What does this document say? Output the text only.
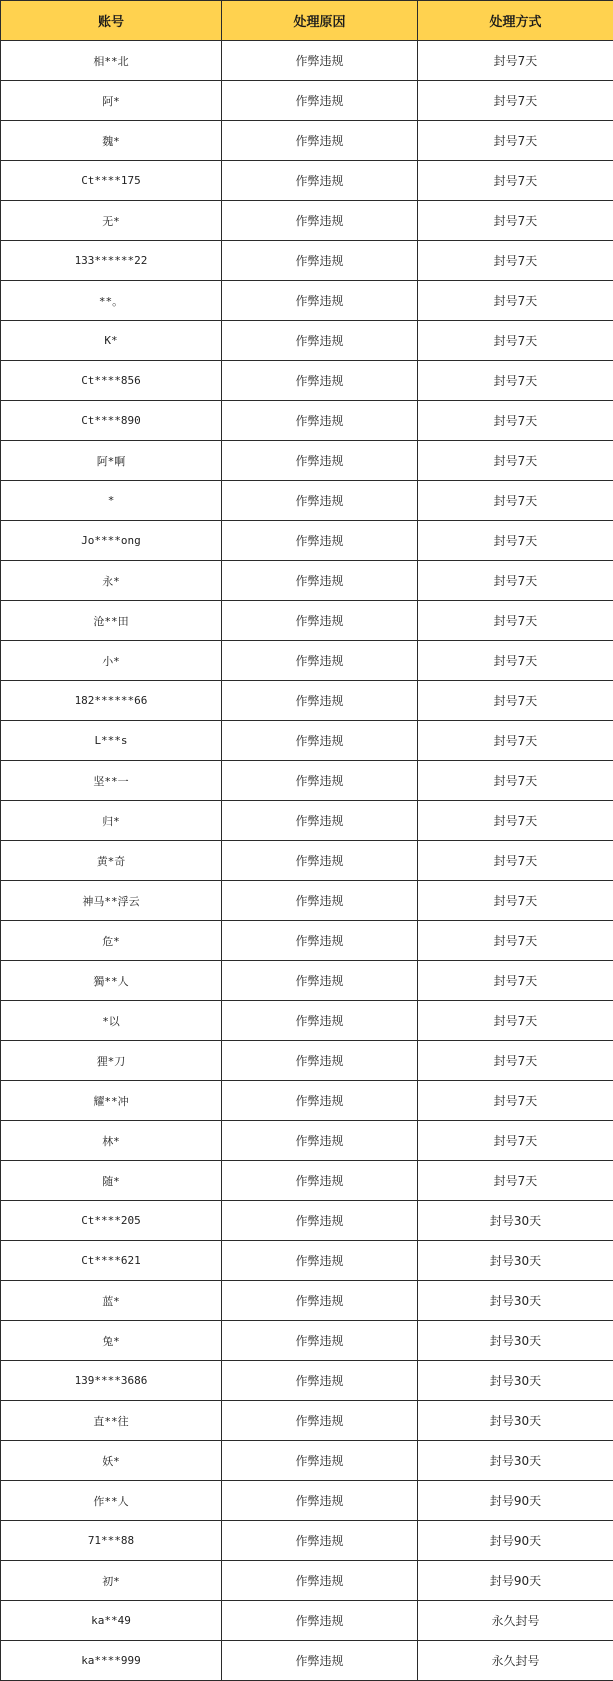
账号	处理原因	处理方式
相**北	作弊违规	封号7天
阿*	作弊违规	封号7天
魏*	作弊违规	封号7天
Ct****175	作弊违规	封号7天
无*	作弊违规	封号7天
133******22	作弊违规	封号7天
**。	作弊违规	封号7天
K*	作弊违规	封号7天
Ct****856	作弊违规	封号7天
Ct****890	作弊违规	封号7天
阿*啊	作弊违规	封号7天
*	作弊违规	封号7天
Jo****ong	作弊违规	封号7天
永*	作弊违规	封号7天
沧**田	作弊违规	封号7天
小*	作弊违规	封号7天
182******66	作弊违规	封号7天
L***s	作弊违规	封号7天
坚**一	作弊违规	封号7天
归*	作弊违规	封号7天
黄*奇	作弊违规	封号7天
神马**浮云	作弊违规	封号7天
危*	作弊违规	封号7天
獨**人	作弊违规	封号7天
*以	作弊违规	封号7天
狸*刀	作弊违规	封号7天
耀**冲	作弊违规	封号7天
林*	作弊违规	封号7天
随*	作弊违规	封号7天
Ct****205	作弊违规	封号30天
Ct****621	作弊违规	封号30天
蓝*	作弊违规	封号30天
兔*	作弊违规	封号30天
139****3686	作弊违规	封号30天
直**往	作弊违规	封号30天
妖*	作弊违规	封号30天
作**人	作弊违规	封号90天
71***88	作弊违规	封号90天
初*	作弊违规	封号90天
ka**49	作弊违规	永久封号
ka****999	作弊违规	永久封号
